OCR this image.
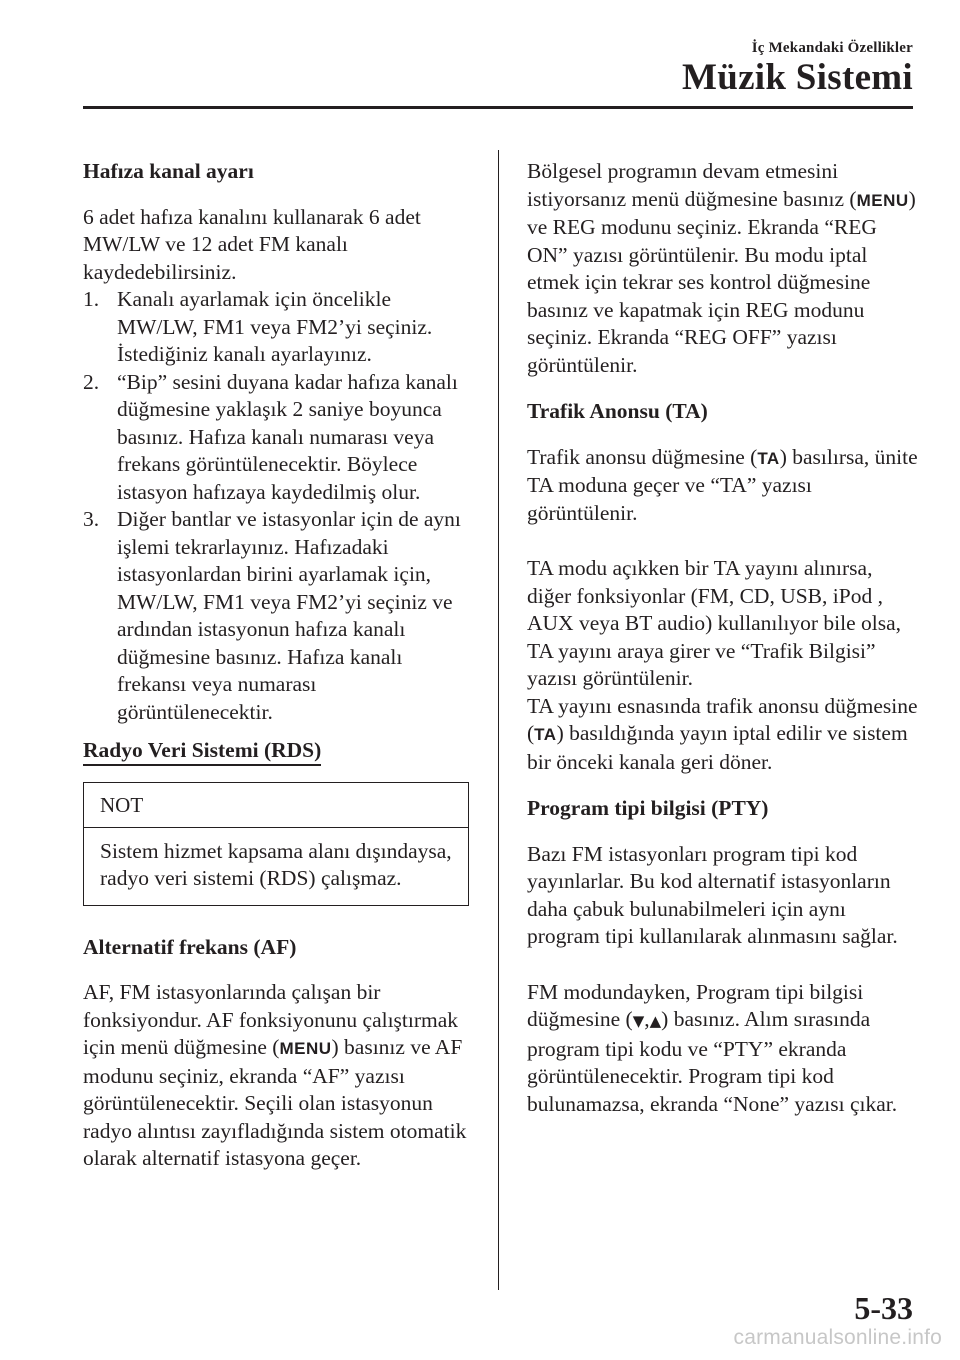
İç Mekandaki Özellikler
Müzik Sistemi

Hafıza kanal ayarı

6 adet hafıza kanalını kullanarak 6 adet MW/LW ve 12 adet FM kanalı kaydedebilirsiniz.

1. Kanalı ayarlamak için öncelikle MW/LW, FM1 veya FM2’yi seçiniz. İstediğiniz kanalı ayarlayınız.
2. “Bip” sesini duyana kadar hafıza kanalı düğmesine yaklaşık 2 saniye boyunca basınız. Hafıza kanalı numarası veya frekans görüntülenecektir. Böylece istasyon hafızaya kaydedilmiş olur.
3. Diğer bantlar ve istasyonlar için de aynı işlemi tekrarlayınız. Hafızadaki istasyonlardan birini ayarlamak için, MW/LW, FM1 veya FM2’yi seçiniz ve ardından istasyonun hafıza kanalı düğmesine basınız. Hafıza kanalı frekansı veya numarası görüntülenecektir.
Radyo Veri Sistemi (RDS)
NOT
Sistem hizmet kapsama alanı dışındaysa, radyo veri sistemi (RDS) çalışmaz.

Alternatif frekans (AF)

AF, FM istasyonlarında çalışan bir fonksiyondur. AF fonksiyonunu çalıştırmak için menü düğmesine (MENU) basınız ve AF modunu seçiniz, ekranda “AF” yazısı görüntülenecektir. Seçili olan istasyonun radyo alıntısı zayıfladığında sistem otomatik olarak alternatif istasyona geçer.

Bölgesel programın devam etmesini istiyorsanız menü düğmesine basınız (MENU) ve REG modunu seçiniz. Ekranda “REG ON” yazısı görüntülenir. Bu modu iptal etmek için tekrar ses kontrol düğmesine basınız ve kapatmak için REG modunu seçiniz. Ekranda “REG OFF” yazısı görüntülenir.

Trafik Anonsu (TA)

Trafik anonsu düğmesine (TA) basılırsa, ünite TA moduna geçer ve “TA” yazısı görüntülenir.

TA modu açıkken bir TA yayını alınırsa, diğer fonksiyonlar (FM, CD, USB, iPod , AUX veya BT audio) kullanılıyor bile olsa, TA yayını araya girer ve “Trafik Bilgisi” yazısı görüntülenir.

TA yayını esnasında trafik anonsu düğmesine (TA) basıldığında yayın iptal edilir ve sistem bir önceki kanala geri döner.

Program tipi bilgisi (PTY)

Bazı FM istasyonları program tipi kod yayınlarlar. Bu kod alternatif istasyonların daha çabuk bulunabilmeleri için aynı program tipi kullanılarak alınmasını sağlar.

FM modundayken, Program tipi bilgisi düğmesine (▼,▲) basınız. Alım sırasında program tipi kodu ve “PTY” ekranda görüntülenecektir. Program tipi kod bulunamazsa, ekranda “None” yazısı çıkar.

5-33
carmanualsonline.info
